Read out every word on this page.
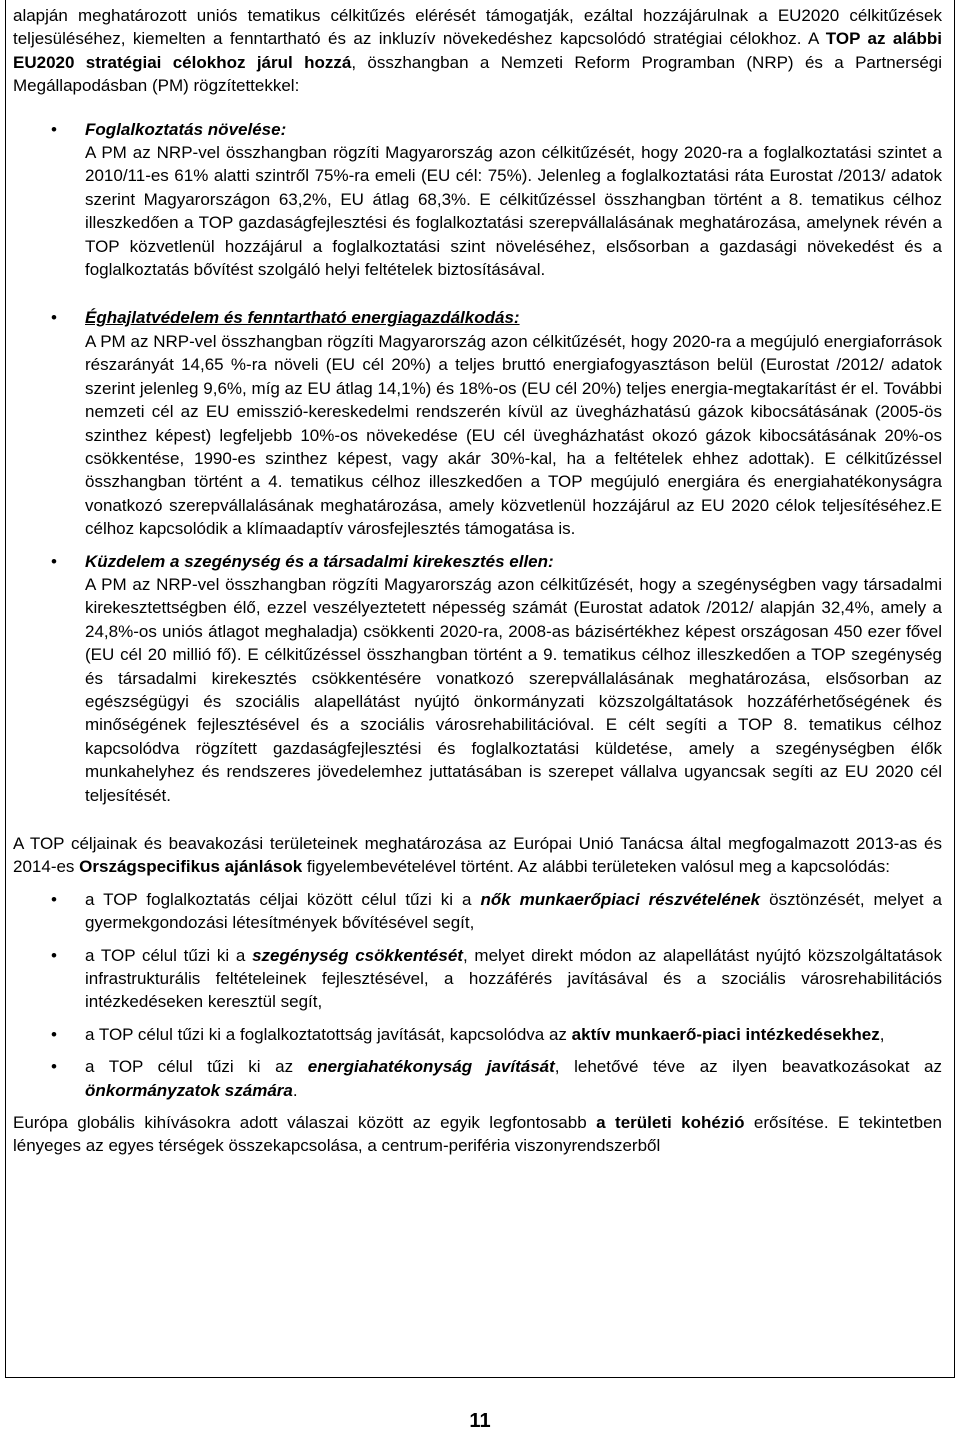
alapján meghatározott uniós tematikus célkitűzés elérését támogatják, ezáltal hozzájárulnak a EU2020 célkitűzések teljesüléséhez, kiemelten a fenntartható és az inkluzív növekedéshez kapcsolódó stratégiai célokhoz. A TOP az alábbi EU2020 stratégiai célokhoz járul hozzá, összhangban a Nemzeti Reform Programban (NRP) és a Partnerségi Megállapodásban (PM) rögzítettekkel:

• Foglalkoztatás növelése:
A PM az NRP-vel összhangban rögzíti Magyarország azon célkitűzését, hogy 2020-ra a foglalkoztatási szintet a 2010/11-es 61% alatti szintről 75%-ra emeli (EU cél: 75%). Jelenleg a foglalkoztatási ráta Eurostat /2013/ adatok szerint Magyarországon 63,2%, EU átlag 68,3%. E célkitűzéssel összhangban történt a 8. tematikus célhoz illeszkedően a TOP gazdaságfejlesztési és foglalkoztatási szerepvállalásának meghatározása, amelynek révén a TOP közvetlenül hozzájárul a foglalkoztatási szint növeléséhez, elsősorban a gazdasági növekedést és a foglalkoztatás bővítést szolgáló helyi feltételek biztosításával.
• Éghajlatvédelem és fenntartható energiagazdálkodás:
A PM az NRP-vel összhangban rögzíti Magyarország azon célkitűzését, hogy 2020-ra a megújuló energiaforrások részarányát 14,65 %-ra növeli (EU cél 20%) a teljes bruttó energiafogyasztáson belül (Eurostat /2012/ adatok szerint jelenleg 9,6%, míg az EU átlag 14,1%) és 18%-os (EU cél 20%) teljes energia-megtakarítást ér el. További nemzeti cél az EU emisszió-kereskedelmi rendszerén kívül az üvegházhatású gázok kibocsátásának (2005-ös szinthez képest) legfeljebb 10%-os növekedése (EU cél üvegházhatást okozó gázok kibocsátásának 20%-os csökkentése, 1990-es szinthez képest, vagy akár 30%-kal, ha a feltételek ehhez adottak). E célkitűzéssel összhangban történt a 4. tematikus célhoz illeszkedően a TOP megújuló energiára és energiahatékonyságra vonatkozó szerepvállalásának meghatározása, amely közvetlenül hozzájárul az EU 2020 célok teljesítéséhez.E célhoz kapcsolódik a klímaadaptív városfejlesztés támogatása is.
• Küzdelem a szegénység és a társadalmi kirekesztés ellen:
A PM az NRP-vel összhangban rögzíti Magyarország azon célkitűzését, hogy a szegénységben vagy társadalmi kirekesztettségben élő, ezzel veszélyeztetett népesség számát (Eurostat adatok /2012/ alapján 32,4%, amely a 24,8%-os uniós átlagot meghaladja) csökkenti 2020-ra, 2008-as bázisértékhez képest országosan 450 ezer fővel (EU cél 20 millió fő). E célkitűzéssel összhangban történt a 9. tematikus célhoz illeszkedően a TOP szegénység és társadalmi kirekesztés csökkentésére vonatkozó szerepvállalásának meghatározása, elsősorban az egészségügyi és szociális alapellátást nyújtó önkormányzati közszolgáltatások hozzáférhetőségének és minőségének fejlesztésével és a szociális városrehabilitációval. E célt segíti a TOP 8. tematikus célhoz kapcsolódva rögzített gazdaságfejlesztési és foglalkoztatási küldetése, amely a szegénységben élők munkahelyhez és rendszeres jövedelemhez juttatásában is szerepet vállalva ugyancsak segíti az EU 2020 cél teljesítését.

A TOP céljainak és beavakozási területeinek meghatározása az Európai Unió Tanácsa által megfogalmazott 2013-as és 2014-es Országspecifikus ajánlások figyelembevételével történt. Az alábbi területeken valósul meg a kapcsolódás:

• a TOP foglalkoztatás céljai között célul tűzi ki a nők munkaerőpiaci részvételének ösztönzését, melyet a gyermekgondozási létesítmények bővítésével segít,
• a TOP célul tűzi ki a szegénység csökkentését, melyet direkt módon az alapellátást nyújtó közszolgáltatások infrastrukturális feltételeinek fejlesztésével, a hozzáférés javításával és a szociális városrehabilitációs intézkedéseken keresztül segít,
• a TOP célul tűzi ki a foglalkoztatottság javítását, kapcsolódva az aktív munkaerő-piaci intézkedésekhez,
• a TOP célul tűzi ki az energiahatékonyság javítását, lehetővé téve az ilyen beavatkozásokat az önkormányzatok számára.

Európa globális kihívásokra adott válaszai között az egyik legfontosabb a területi kohézió erősítése. E tekintetben lényeges az egyes térségek összekapcsolása, a centrum-periféria viszonyrendszerből

11
